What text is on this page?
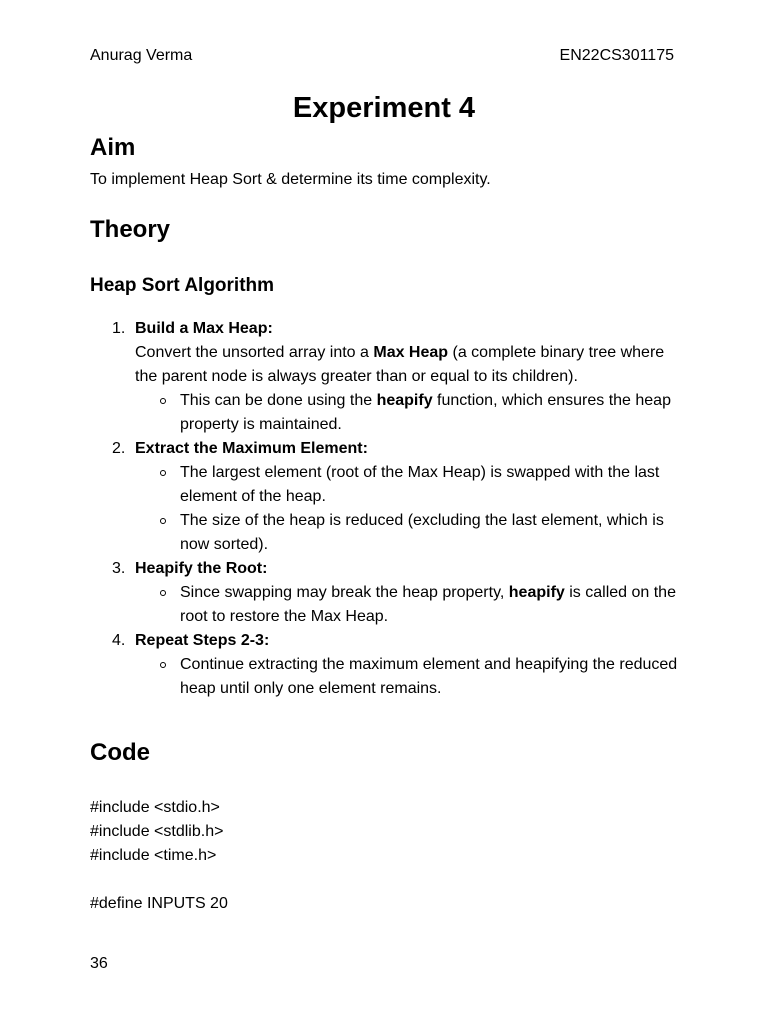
Anurag Verma	EN22CS301175
Experiment 4
Aim

To implement Heap Sort & determine its time complexity.

Theory
Heap Sort Algorithm
1. Build a Max Heap:
Convert the unsorted array into a Max Heap (a complete binary tree where the parent node is always greater than or equal to its children).
This can be done using the heapify function, which ensures the heap property is maintained.
2. Extract the Maximum Element:
The largest element (root of the Max Heap) is swapped with the last element of the heap.
The size of the heap is reduced (excluding the last element, which is now sorted).
3. Heapify the Root:
Since swapping may break the heap property, heapify is called on the root to restore the Max Heap.
4. Repeat Steps 2-3:
Continue extracting the maximum element and heapifying the reduced heap until only one element remains.
Code

#include <stdio.h>

#include <stdlib.h>

#include <time.h>

#define INPUTS 20

36
